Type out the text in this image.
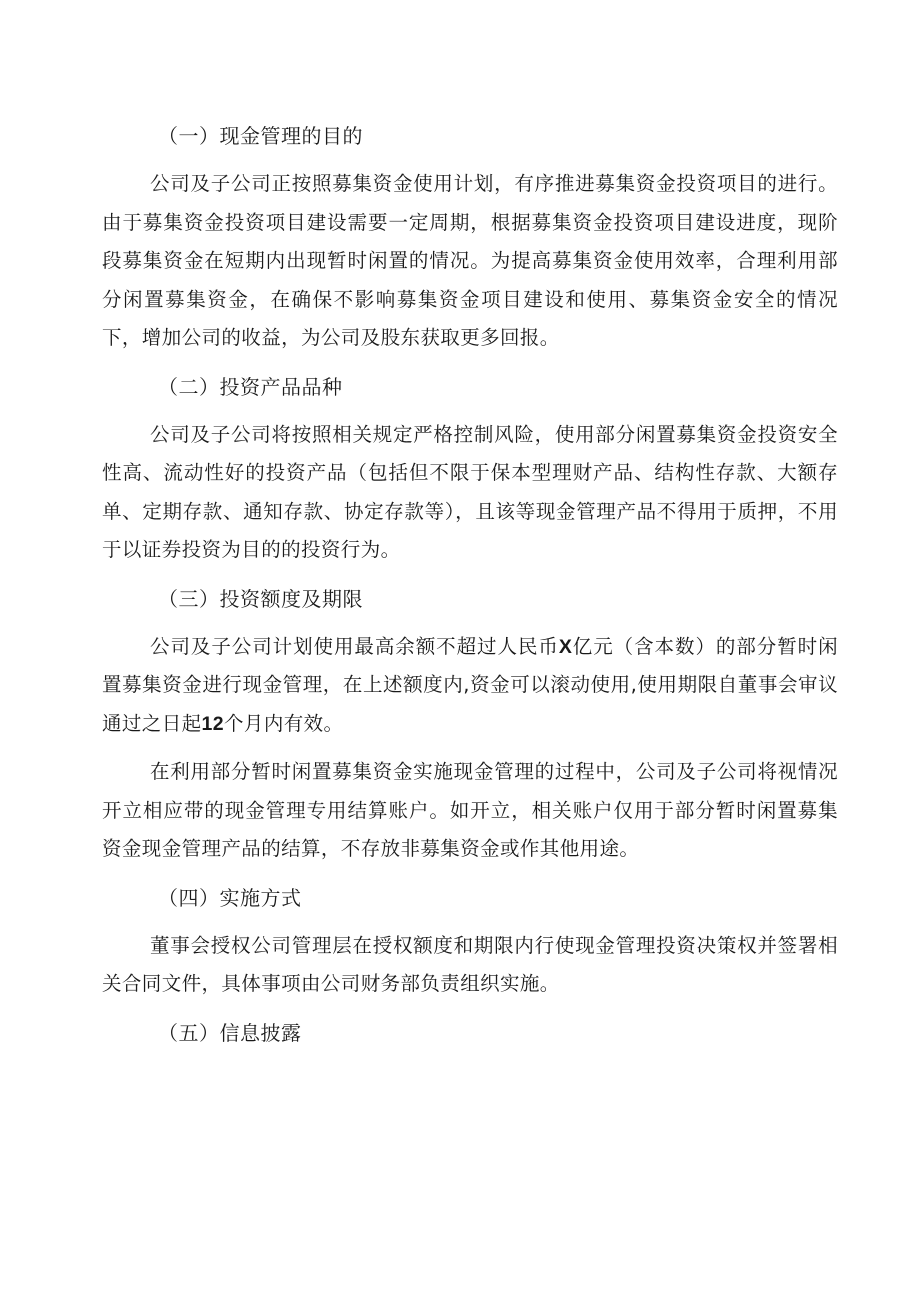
（一）现金管理的目的

公司及子公司正按照募集资金使用计划，有序推进募集资金投资项目的进行。由于募集资金投资项目建设需要一定周期，根据募集资金投资项目建设进度，现阶段募集资金在短期内出现暂时闲置的情况。为提高募集资金使用效率，合理利用部分闲置募集资金，在确保不影响募集资金项目建设和使用、募集资金安全的情况下，增加公司的收益，为公司及股东获取更多回报。

（二）投资产品品种

公司及子公司将按照相关规定严格控制风险，使用部分闲置募集资金投资安全性高、流动性好的投资产品（包括但不限于保本型理财产品、结构性存款、大额存单、定期存款、通知存款、协定存款等），且该等现金管理产品不得用于质押，不用于以证券投资为目的的投资行为。

（三）投资额度及期限

公司及子公司计划使用最高余额不超过人民币X亿元（含本数）的部分暂时闲置募集资金进行现金管理，在上述额度内,资金可以滚动使用,使用期限自董事会审议通过之日起12个月内有效。

在利用部分暂时闲置募集资金实施现金管理的过程中，公司及子公司将视情况开立相应带的现金管理专用结算账户。如开立，相关账户仅用于部分暂时闲置募集资金现金管理产品的结算，不存放非募集资金或作其他用途。

（四）实施方式

董事会授权公司管理层在授权额度和期限内行使现金管理投资决策权并签署相关合同文件，具体事项由公司财务部负责组织实施。

（五）信息披露
